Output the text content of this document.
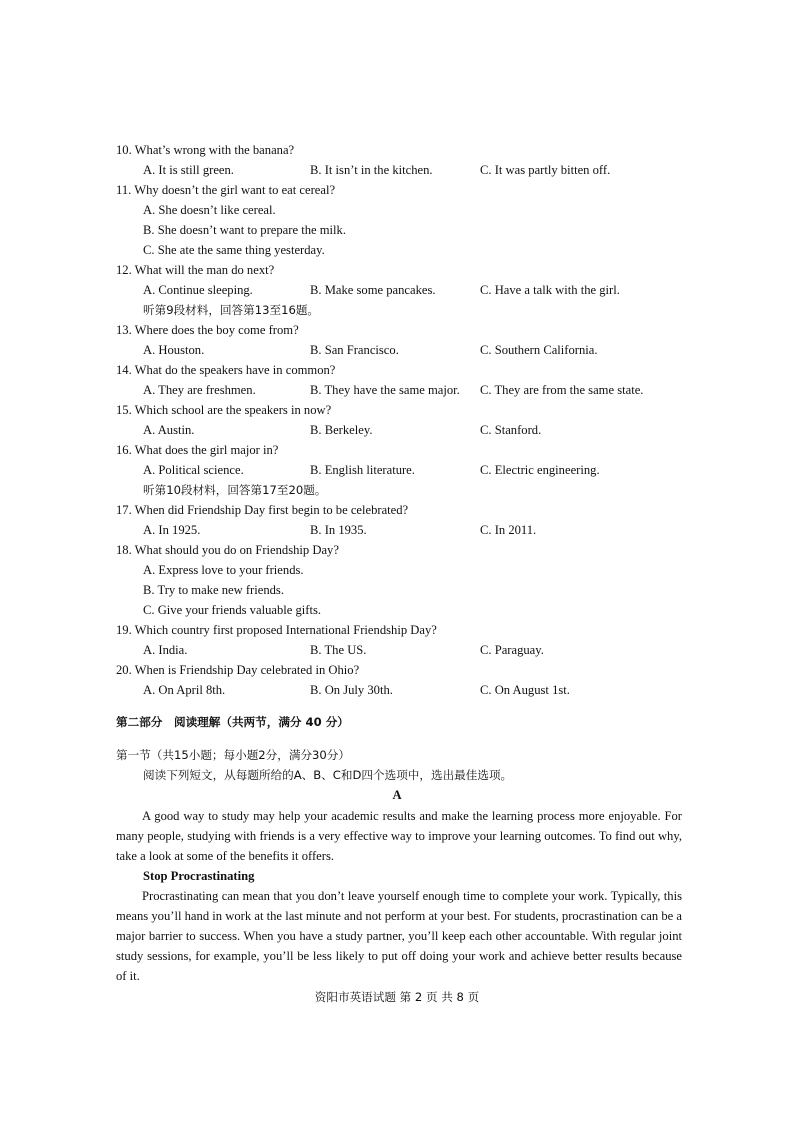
10. What’s wrong with the banana?
A. It is still green.	B. It isn’t in the kitchen.	C. It was partly bitten off.
11. Why doesn’t the girl want to eat cereal?
A. She doesn’t like cereal.
B. She doesn’t want to prepare the milk.
C. She ate the same thing yesterday.
12. What will the man do next?
A. Continue sleeping.	B. Make some pancakes.	C. Have a talk with the girl.
听第9段材料，回答第13至16题。
13. Where does the boy come from?
A. Houston.	B. San Francisco.	C. Southern California.
14. What do the speakers have in common?
A. They are freshmen.	B. They have the same major. C. They are from the same state.
15. Which school are the speakers in now?
A. Austin.	B. Berkeley.	C. Stanford.
16. What does the girl major in?
A. Political science.	B. English literature.	C. Electric engineering.
听第10段材料，回答第17至20题。
17. When did Friendship Day first begin to be celebrated?
A. In 1925.	B. In 1935.	C. In 2011.
18. What should you do on Friendship Day?
A. Express love to your friends.
B. Try to make new friends.
C. Give your friends valuable gifts.
19. Which country first proposed International Friendship Day?
A. India.	B. The US.	C. Paraguay.
20. When is Friendship Day celebrated in Ohio?
A. On April 8th.	B. On July 30th.	C. On August 1st.
第二部分　阅读理解（共两节，满分 40 分）
第一节（共15小题；每小题2分，满分30分）
阅读下列短文，从每题所给的A、B、C和D四个选项中，选出最佳选项。
A
A good way to study may help your academic results and make the learning process more enjoyable. For many people, studying with friends is a very effective way to improve your learning outcomes. To find out why, take a look at some of the benefits it offers.
Stop Procrastinating
Procrastinating can mean that you don’t leave yourself enough time to complete your work. Typically, this means you’ll hand in work at the last minute and not perform at your best. For students, procrastination can be a major barrier to success. When you have a study partner, you’ll keep each other accountable. With regular joint study sessions, for example, you’ll be less likely to put off doing your work and achieve better results because of it.
资阳市英语试题 第 2 页 共 8 页
